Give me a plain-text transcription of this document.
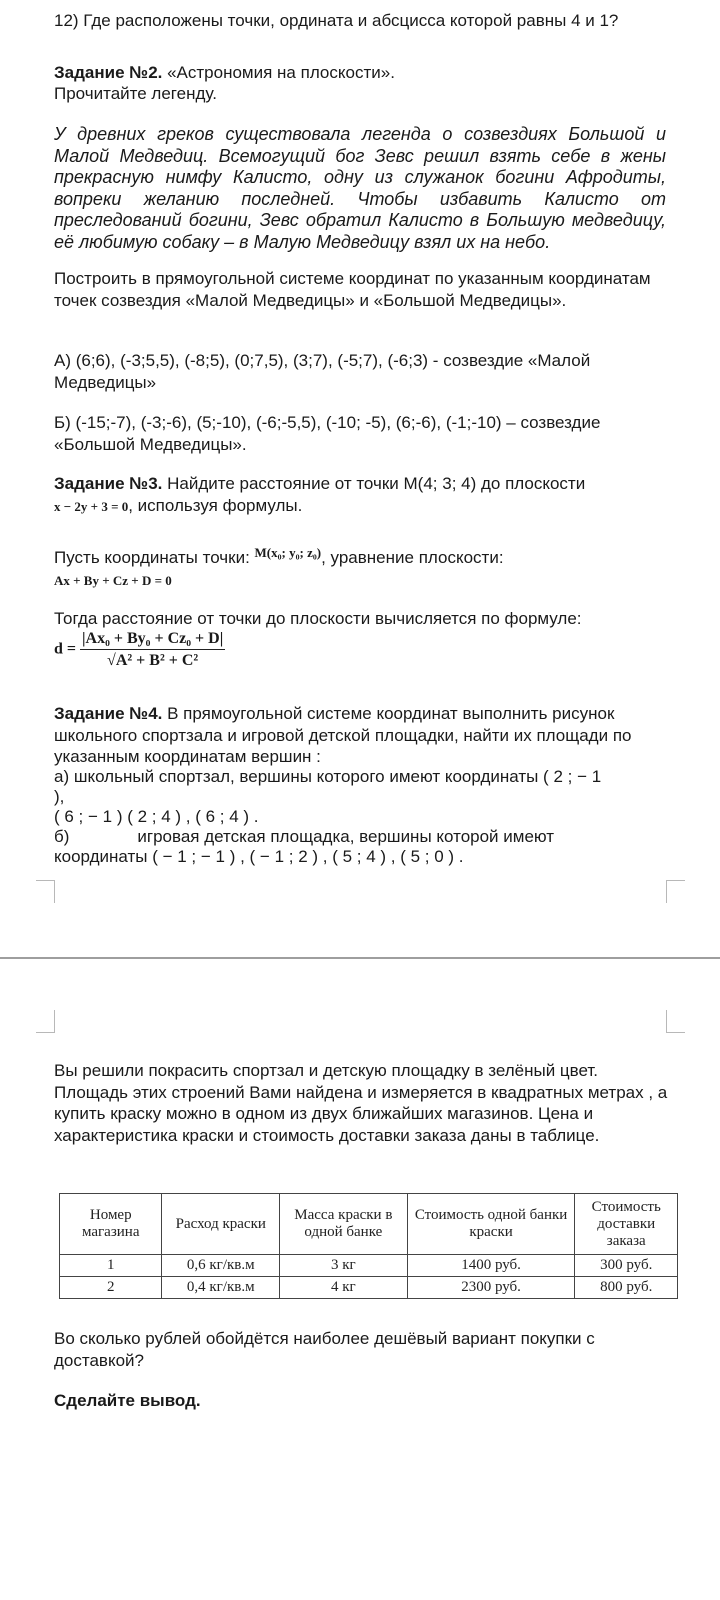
12) Где расположены точки, ордината и абсцисса которой равны 4 и 1?

Задание №2. «Астрономия на плоскости».

Прочитайте легенду.

У древних греков существовала легенда о созвездиях Большой и Малой Медведиц. Всемогущий бог Зевс решил взять себе в жены прекрасную нимфу Калисто, одну из служанок богини Афродиты, вопреки желанию последней. Чтобы избавить Калисто от преследований богини, Зевс обратил Калисто в Большую медведицу, её любимую собаку – в Малую Медведицу взял их на небо.

Построить в прямоугольной системе координат по указанным координатам точек созвездия «Малой Медведицы» и «Большой Медведицы».

А) (6;6), (-3;5,5), (-8;5), (0;7,5), (3;7), (-5;7), (-6;3) - созвездие «Малой Медведицы»

Б) (-15;-7), (-3;-6), (5;-10), (-6;-5,5), (-10; -5), (6;-6), (-1;-10) – созвездие «Большой Медведицы».

Задание №3. Найдите расстояние от точки М(4; 3; 4) до плоскости
x − 2y + 3 = 0, используя формулы.

Пусть координаты точки: $^{M(x_0; y_0; z_0)}$, уравнение плоскости:
Ax + By + Cz + D = 0

Тогда расстояние от точки до плоскости вычисляется по формуле:

$d = \frac{\text{|Ax₀ + By₀ + Cz₀ + D|}}{\text{√A² + B² + C²}}$

Задание №4. В прямоугольной системе координат выполнить рисунок школьного спортзала и игровой детской площадки, найти их площади по указанным координатам вершин :

а) школьный спортзал, вершины которого имеют координаты ( 2 ; − 1

),

( 6 ; − 1 ) ( 2 ; 4 ) , ( 6 ; 4 ) .

б)	игровая детская площадка, вершины которой имеют

координаты ( − 1 ; − 1 ) , ( − 1 ; 2 ) , ( 5 ; 4 ) , ( 5 ; 0 ) .

Вы решили покрасить спортзал и детскую площадку в зелёный цвет. Площадь этих строений Вами найдена и измеряется в квадратных метрах , а купить краску можно в одном из двух ближайших магазинов. Цена и характеристика краски и стоимость доставки заказа даны в таблице.

Номер магазина	Расход краски	Масса краски в одной банке	Стоимость одной банки краски	Стоимость доставки заказа
1	0,6 кг/кв.м	3 кг	1400 руб.	300 руб.
2	0,4 кг/кв.м	4 кг	2300 руб.	800 руб.

Во сколько рублей обойдётся наиболее дешёвый вариант покупки с доставкой?

Сделайте вывод.
